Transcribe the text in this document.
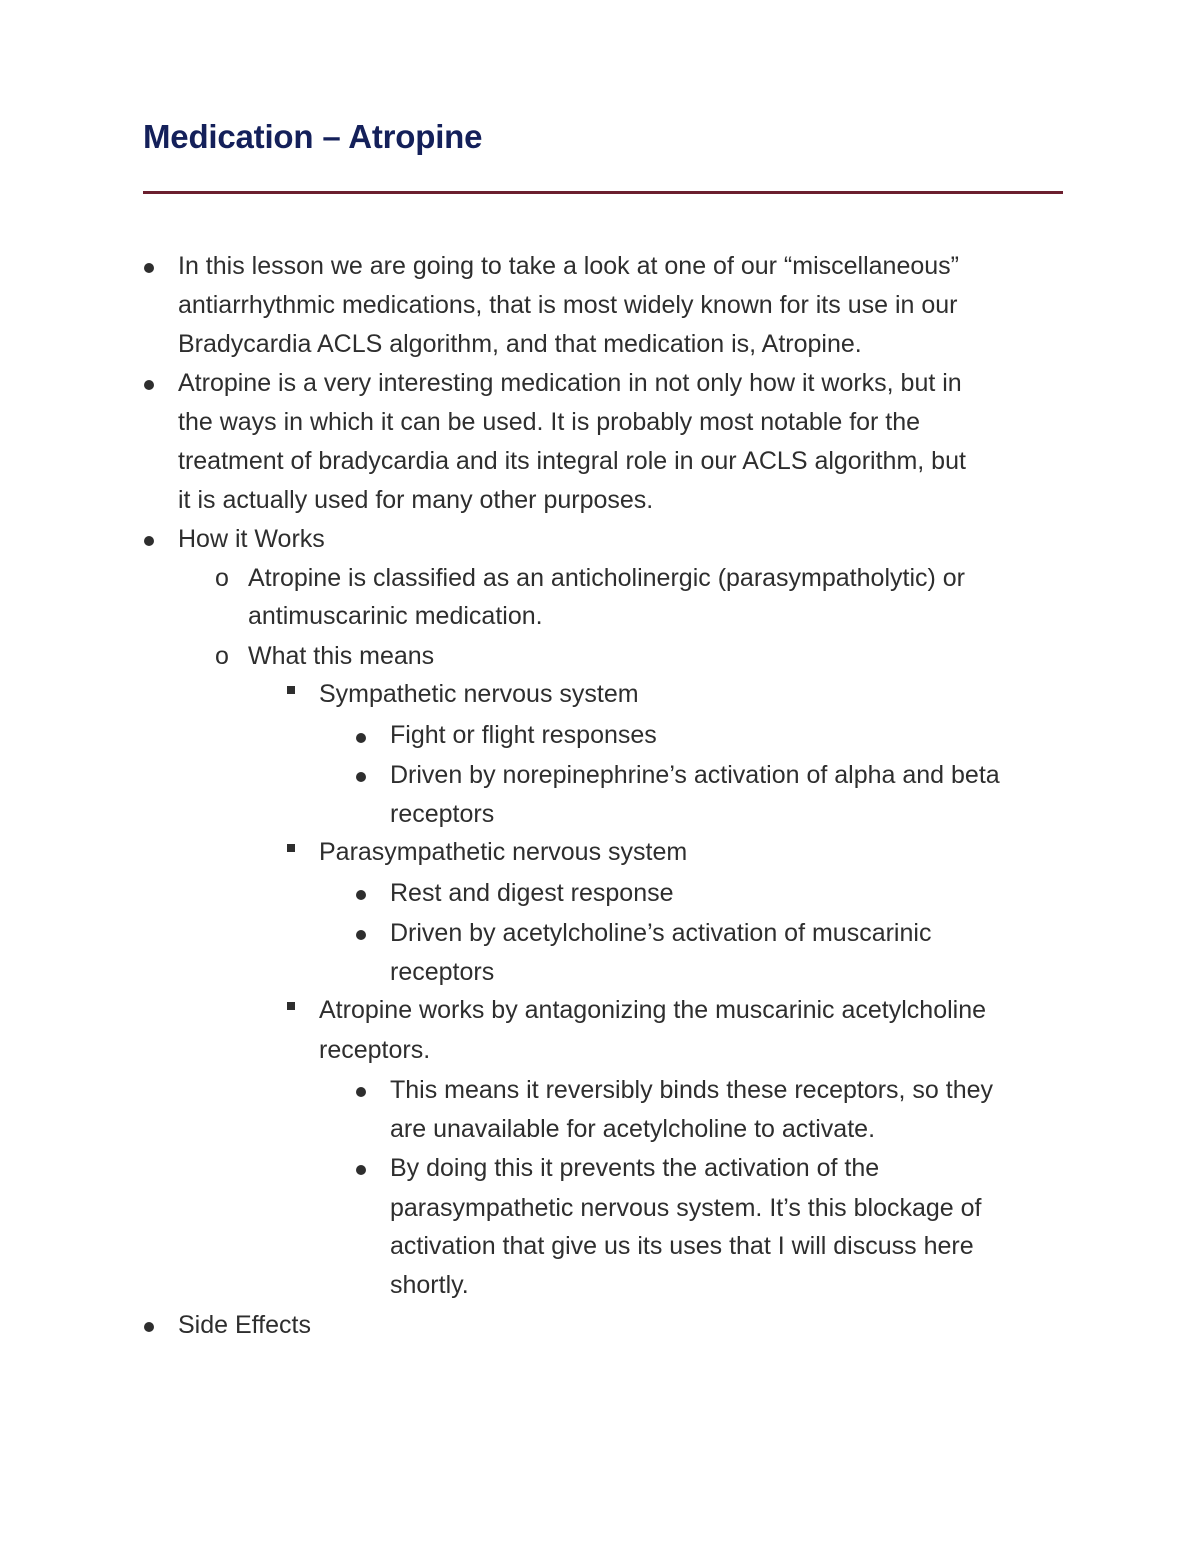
Medication – Atropine
In this lesson we are going to take a look at one of our “miscellaneous”
antiarrhythmic medications, that is most widely known for its use in our
Bradycardia ACLS algorithm, and that medication is, Atropine.
Atropine is a very interesting medication in not only how it works, but in
the ways in which it can be used. It is probably most notable for the
treatment of bradycardia and its integral role in our ACLS algorithm, but
it is actually used for many other purposes.
How it Works
o Atropine is classified as an anticholinergic (parasympatholytic) or
antimuscarinic medication.
o What this means
Sympathetic nervous system
Fight or flight responses
Driven by norepinephrine’s activation of alpha and beta
receptors
Parasympathetic nervous system
Rest and digest response
Driven by acetylcholine’s activation of muscarinic
receptors
Atropine works by antagonizing the muscarinic acetylcholine
receptors.
This means it reversibly binds these receptors, so they
are unavailable for acetylcholine to activate.
By doing this it prevents the activation of the
parasympathetic nervous system. It’s this blockage of
activation that give us its uses that I will discuss here
shortly.
Side Effects
